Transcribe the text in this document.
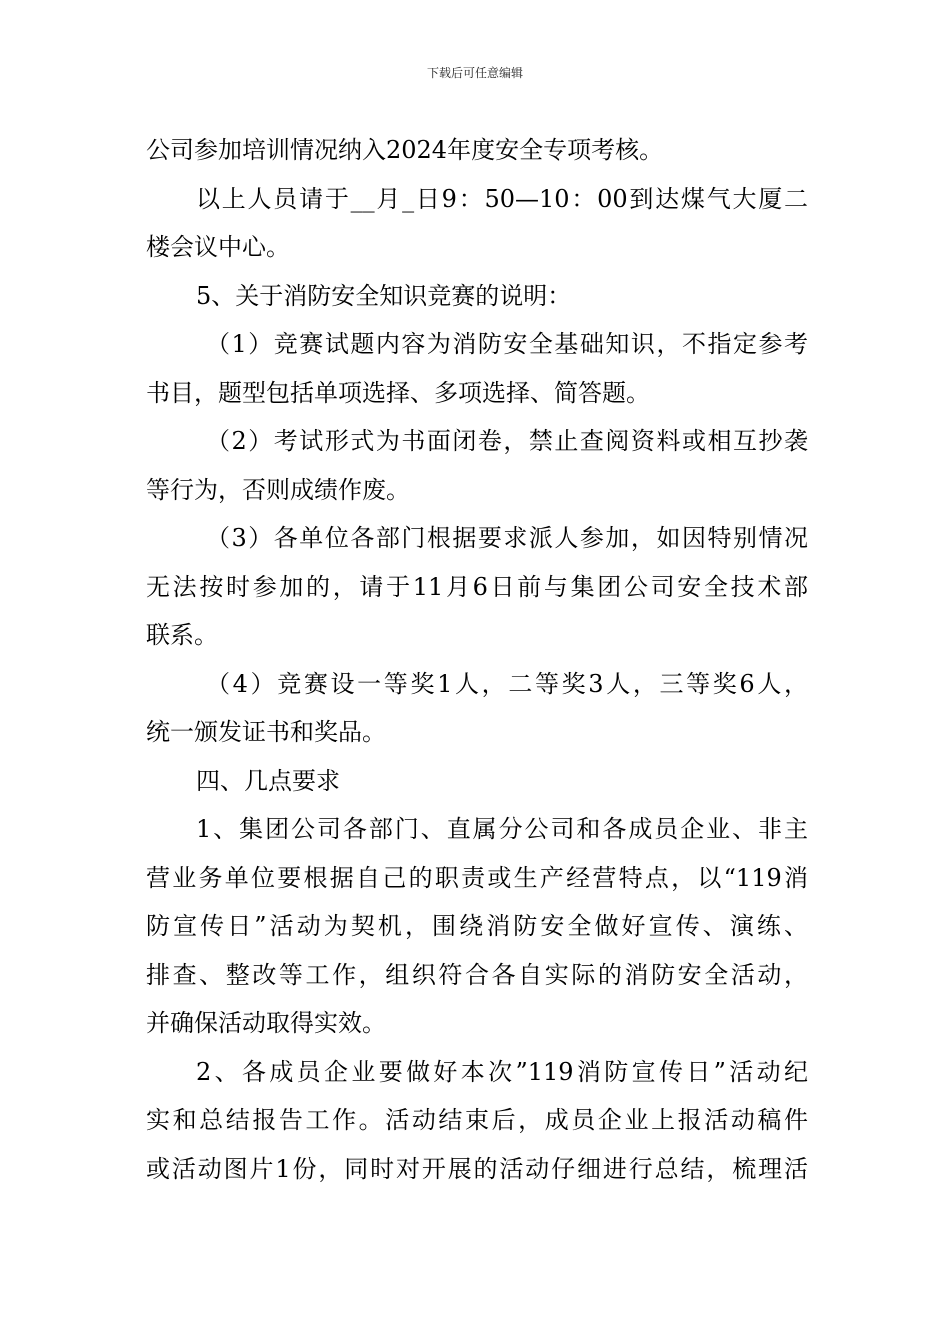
下载后可任意编辑
公司参加培训情况纳入2024年度安全专项考核。
以上人员请于__月_日9：50—10：00到达煤气大厦二
楼会议中心。
5、关于消防安全知识竞赛的说明：
（1）竞赛试题内容为消防安全基础知识，不指定参考
书目，题型包括单项选择、多项选择、简答题。
（2）考试形式为书面闭卷，禁止查阅资料或相互抄袭
等行为，否则成绩作废。
（3）各单位各部门根据要求派人参加，如因特别情况
无法按时参加的，请于11月6日前与集团公司安全技术部
联系。
（4）竞赛设一等奖1人，二等奖3人，三等奖6人，
统一颁发证书和奖品。
四、几点要求
1、集团公司各部门、直属分公司和各成员企业、非主
营业务单位要根据自己的职责或生产经营特点，以“119消
防宣传日”活动为契机，围绕消防安全做好宣传、演练、
排查、整改等工作，组织符合各自实际的消防安全活动，
并确保活动取得实效。
2、各成员企业要做好本次”119消防宣传日”活动纪
实和总结报告工作。活动结束后，成员企业上报活动稿件
或活动图片1份，同时对开展的活动仔细进行总结，梳理活
